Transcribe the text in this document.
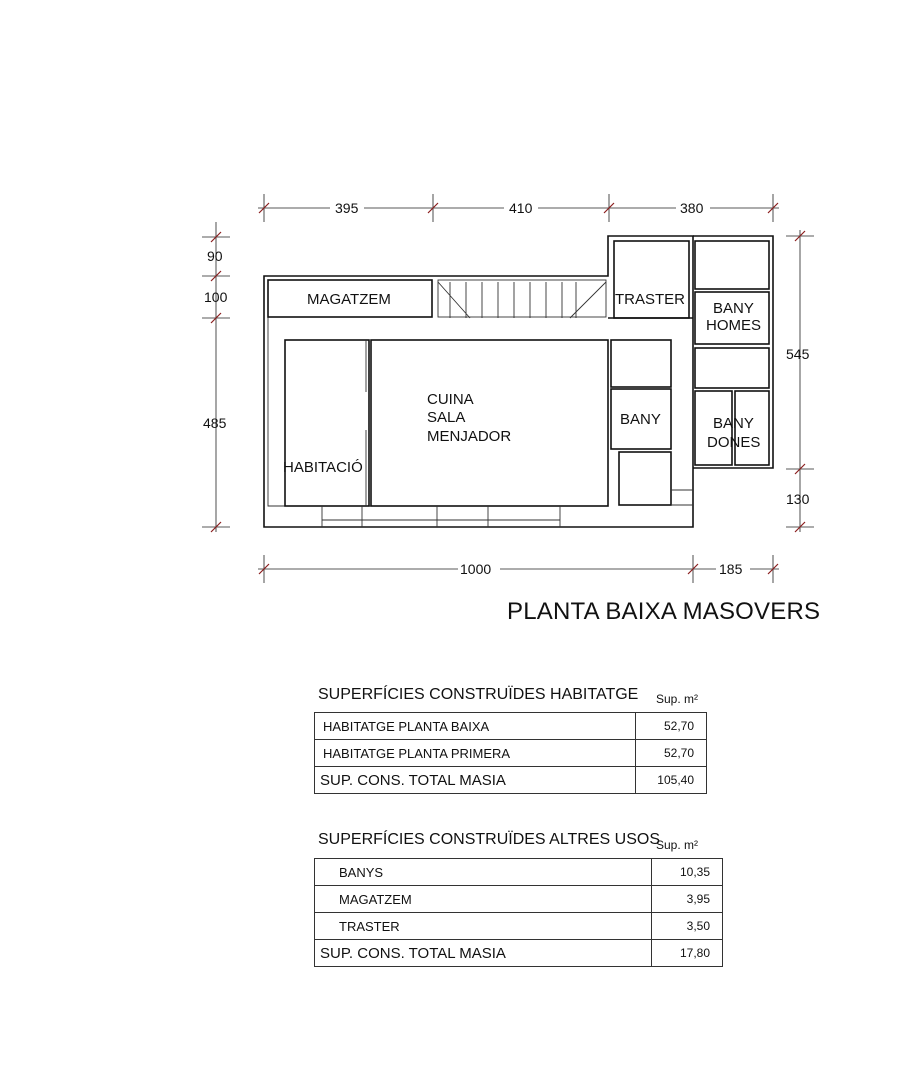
MAGATZEM	TRASTER
BANY
HOMES
CUINA
SALA
MENJADOR
BANY	BANY
DONES
HABITACIÓ
395	410	380
90
100
485
545
130
1000	185
PLANTA BAIXA MASOVERS
SUPERFÍCIES CONSTRUÏDES HABITATGE Sup. m²
HABITATGE PLANTA BAIXA	52,70
HABITATGE PLANTA PRIMERA	52,70
SUP. CONS. TOTAL MASIA	105,40
SUPERFÍCIES CONSTRUÏDES ALTRES USOS
Sup. m²
BANYS	10,35
MAGATZEM	3,95
TRASTER	3,50
SUP. CONS. TOTAL MASIA	17,80
